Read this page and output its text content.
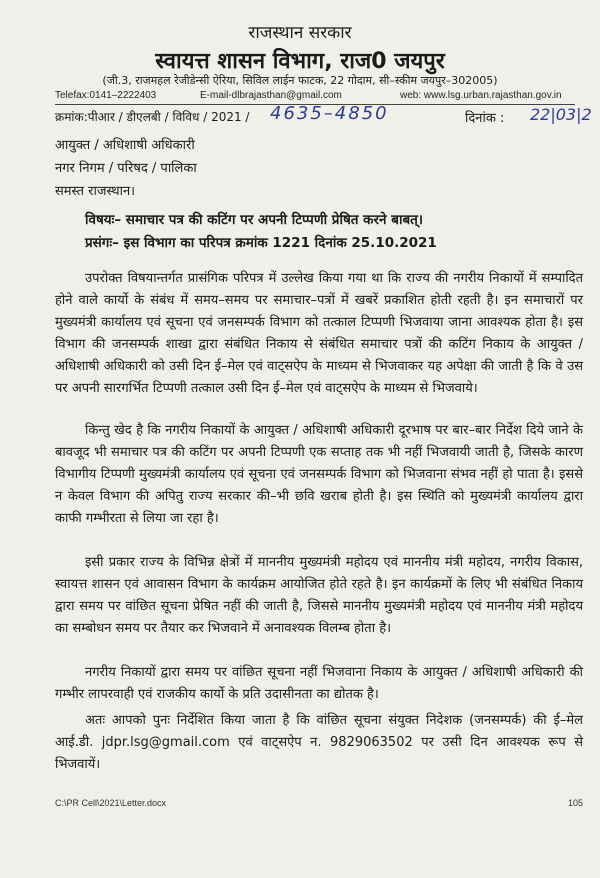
राजस्थान सरकार
स्वायत्त शासन विभाग, राज0 जयपुर
(जी.3, राजमहल रेजीडेन्सी ऐरिया, सिविल लाईन फाटक, 22 गोदाम, सी–स्कीम जयपुर–302005)
Telefax:0141–2222403	E-mail-dlbrajasthan@gmail.com	web: www.lsg.urban.rajasthan.gov.in
क्रमांक:पीआर / डीएलबी / विविध / 2021 / 4635–4850	दिनांक : 22|03|2
आयुक्त / अधिशाषी अधिकारी
नगर निगम / परिषद / पालिका
समस्त राजस्थान।
विषयः– समाचार पत्र की कटिंग पर अपनी टिप्पणी प्रेषित करने बाबत्।
प्रसंगः– इस विभाग का परिपत्र क्रमांक 1221 दिनांक 25.10.2021
उपरोक्त विषयान्तर्गत प्रासंगिक परिपत्र में उल्लेख किया गया था कि राज्य की नगरीय निकायों में सम्पादित होने वाले कार्यो के संबंध में समय–समय पर समाचार–पत्रों में खबरें प्रकाशित होती रहती है। इन समाचारों पर मुख्यमंत्री कार्यालय एवं सूचना एवं जनसम्पर्क विभाग को तत्काल टिप्पणी भिजवाया जाना आवश्यक होता है। इस विभाग की जनसम्पर्क शाखा द्वारा संबंधित निकाय से संबंधित समाचार पत्रों की कटिंग निकाय के आयुक्त / अधिशाषी अधिकारी को उसी दिन ई–मेल एवं वाट्सऐप के माध्यम से भिजवाकर यह अपेक्षा की जाती है कि वे उस पर अपनी सारगर्भित टिप्पणी तत्काल उसी दिन ई–मेल एवं वाट्सऐप के माध्यम से भिजवाये।
किन्तु खेद है कि नगरीय निकायों के आयुक्त / अधिशाषी अधिकारी दूरभाष पर बार–बार निर्देश दिये जाने के बावजूद भी समाचार पत्र की कटिंग पर अपनी टिप्पणी एक सप्ताह तक भी नहीं भिजवायी जाती है, जिसके कारण विभागीय टिप्पणी मुख्यमंत्री कार्यालय एवं सूचना एवं जनसम्पर्क विभाग को भिजवाना संभव नहीं हो पाता है। इससे न केवल विभाग की अपितु राज्य सरकार की–भी छवि खराब होती है। इस स्थिति को मुख्यमंत्री कार्यालय द्वारा काफी गम्भीरता से लिया जा रहा है।
इसी प्रकार राज्य के विभिन्न क्षेत्रों में माननीय मुख्यमंत्री महोदय एवं माननीय मंत्री महोदय, नगरीय विकास, स्वायत्त शासन एवं आवासन विभाग के कार्यक्रम आयोजित होते रहते है। इन कार्यक्रमों के लिए भी संबंधित निकाय द्वारा समय पर वांछित सूचना प्रेषित नहीं की जाती है, जिससे माननीय मुख्यमंत्री महोदय एवं माननीय मंत्री महोदय का सम्बोधन समय पर तैयार कर भिजवाने में अनावश्यक विलम्ब होता है।
नगरीय निकायों द्वारा समय पर वांछित सूचना नहीं भिजवाना निकाय के आयुक्त / अधिशाषी अधिकारी की गम्भीर लापरवाही एवं राजकीय कार्यो के प्रति उदासीनता का द्योतक है।
अतः आपको पुनः निर्देशित किया जाता है कि वांछित सूचना संयुक्त निदेशक (जनसम्पर्क) की ई–मेल आई.डी. jdpr.lsg@gmail.com एवं वाट्सऐप न. 9829063502 पर उसी दिन आवश्यक रूप से भिजवायें।
C:\PR Cell\2021\Letter.docx	105
